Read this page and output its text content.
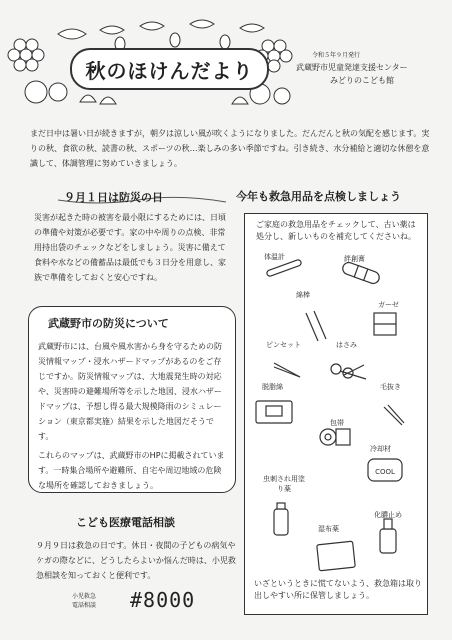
秋のほけんだより
令和５年９月発行
武蔵野市児童発達支援センター
みどりのこども館
まだ日中は暑い日が続きますが，朝夕は涼しい風が吹くようになりました。だんだんと秋の気配を感じます。実りの秋、食欲の秋、読書の秋、スポーツの秋…楽しみの多い季節ですね。引き続き、水分補給と適切な休憩を意識して、体調管理に努めていきましょう。
９月１日は防災の日
災害が起きた時の被害を最小限にするためには、日頃の準備や対策が必要です。家の中や周りの点検、非常用持出袋のチェックなどをしましょう。災害に備えて食料や水などの備蓄品は最低でも３日分を用意し、家族で準備をしておくと安心ですね。
武蔵野市の防災について
武蔵野市には、台風や風水害から身を守るための防災情報マップ・浸水ハザードマップがあるのをご存じですか。防災情報マップは、大地震発生時の対応や、災害時の避難場所等を示した地図、浸水ハザードマップは、予想し得る最大規模降雨のシミュレーション（東京都実施）結果を示した地図だそうです。
これらのマップは、武蔵野市のHPに掲載されています。一時集合場所や避難所、自宅や周辺地域の危険な場所を確認しておきましょう。
こども医療電話相談
９月９日は救急の日です。休日・夜間の子どもの病気やケガの際などに、どうしたらよいか悩んだ時は、小児救急相談を知っておくと便利です。
小児救急
電話相談 #8000
今年も救急用品を点検しましょう
ご家庭の救急用品をチェックして、古い薬は処分し、新しいものを補充してくださいね。
体温計	絆創膏
綿棒
ガーゼ
ピンセット	はさみ
脱脂綿	毛抜き
包帯
冷却材
虫刺され用塗り薬
湿布薬
化膿止め
COOL
いざというときに慌てないよう、救急箱は取り出しやすい所に保管しましょう。
